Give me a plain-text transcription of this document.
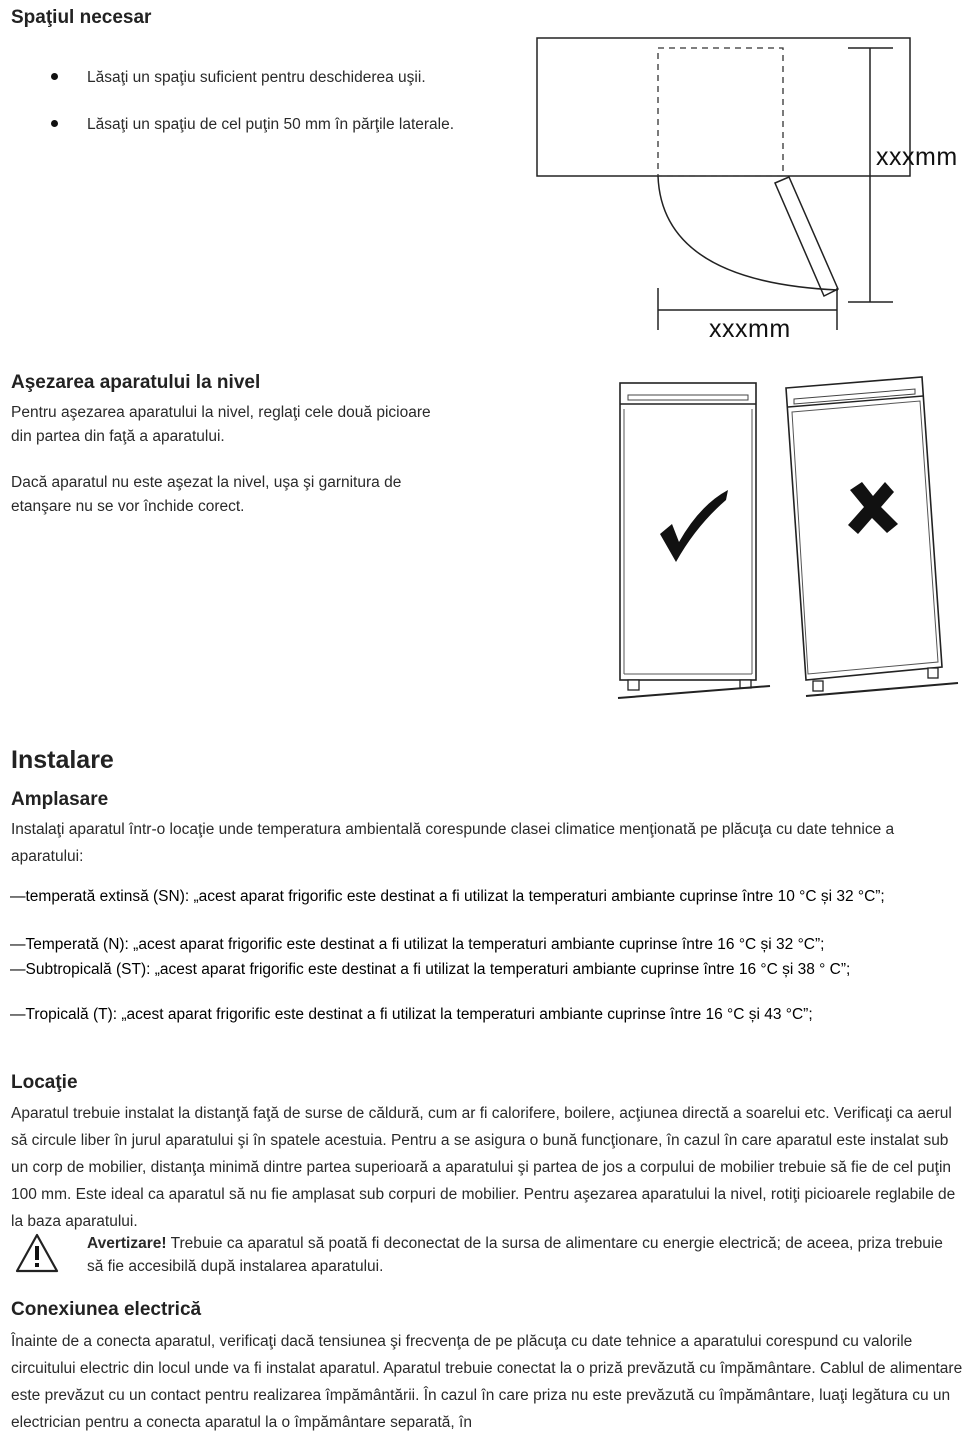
Spaţiul necesar
Lăsaţi un spaţiu suficient pentru deschiderea uşii.
Lăsaţi un spaţiu de cel puţin 50 mm în părţile laterale.
xxxmm
xxxmm
Aşezarea aparatului la nivel
Pentru aşezarea aparatului la nivel, reglaţi cele două picioare din partea din faţă a aparatului.
Dacă aparatul nu este aşezat la nivel, uşa şi garnitura de etanşare nu se vor închide corect.
Instalare
Amplasare
Instalaţi aparatul într-o locaţie unde temperatura ambientală corespunde clasei climatice menţionată pe plăcuţa cu date tehnice a aparatului:
—temperată extinsă (SN): „acest aparat frigorific este destinat a fi utilizat la temperaturi ambiante cuprinse între 10 °C și 32 °C”;
—Temperată (N): „acest aparat frigorific este destinat a fi utilizat la temperaturi ambiante cuprinse între 16 °C și 32 °C”;
—Subtropicală (ST): „acest aparat frigorific este destinat a fi utilizat la temperaturi ambiante cuprinse între 16 °C și 38 ° C”;
—Tropicală (T): „acest aparat frigorific este destinat a fi utilizat la temperaturi ambiante cuprinse între 16 °C și 43 °C”;
Locaţie
Aparatul trebuie instalat la distanţă faţă de surse de căldură, cum ar fi calorifere, boilere, acţiunea directă a soarelui etc. Verificaţi ca aerul să circule liber în jurul aparatului şi în spatele acestuia. Pentru a se asigura o bună funcţionare, în cazul în care aparatul este instalat sub un corp de mobilier, distanţa minimă dintre partea superioară a aparatului şi partea de jos a corpului de mobilier trebuie să fie de cel puţin 100 mm. Este ideal ca aparatul să nu fie amplasat sub corpuri de mobilier. Pentru aşezarea aparatului la nivel, rotiţi picioarele reglabile de la baza aparatului.
Avertizare! Trebuie ca aparatul să poată fi deconectat de la sursa de alimentare cu energie electrică; de aceea, priza trebuie să fie accesibilă după instalarea aparatului.
Conexiunea electrică
Înainte de a conecta aparatul, verificaţi dacă tensiunea şi frecvenţa de pe plăcuţa cu date tehnice a aparatului corespund cu valorile circuitului electric din locul unde va fi instalat aparatul. Aparatul trebuie conectat la o priză prevăzută cu împământare. Cablul de alimentare este prevăzut cu un contact pentru realizarea împământării. În cazul în care priza nu este prevăzută cu împământare, luaţi legătura cu un electrician pentru a conecta aparatul la o împământare separată, în
